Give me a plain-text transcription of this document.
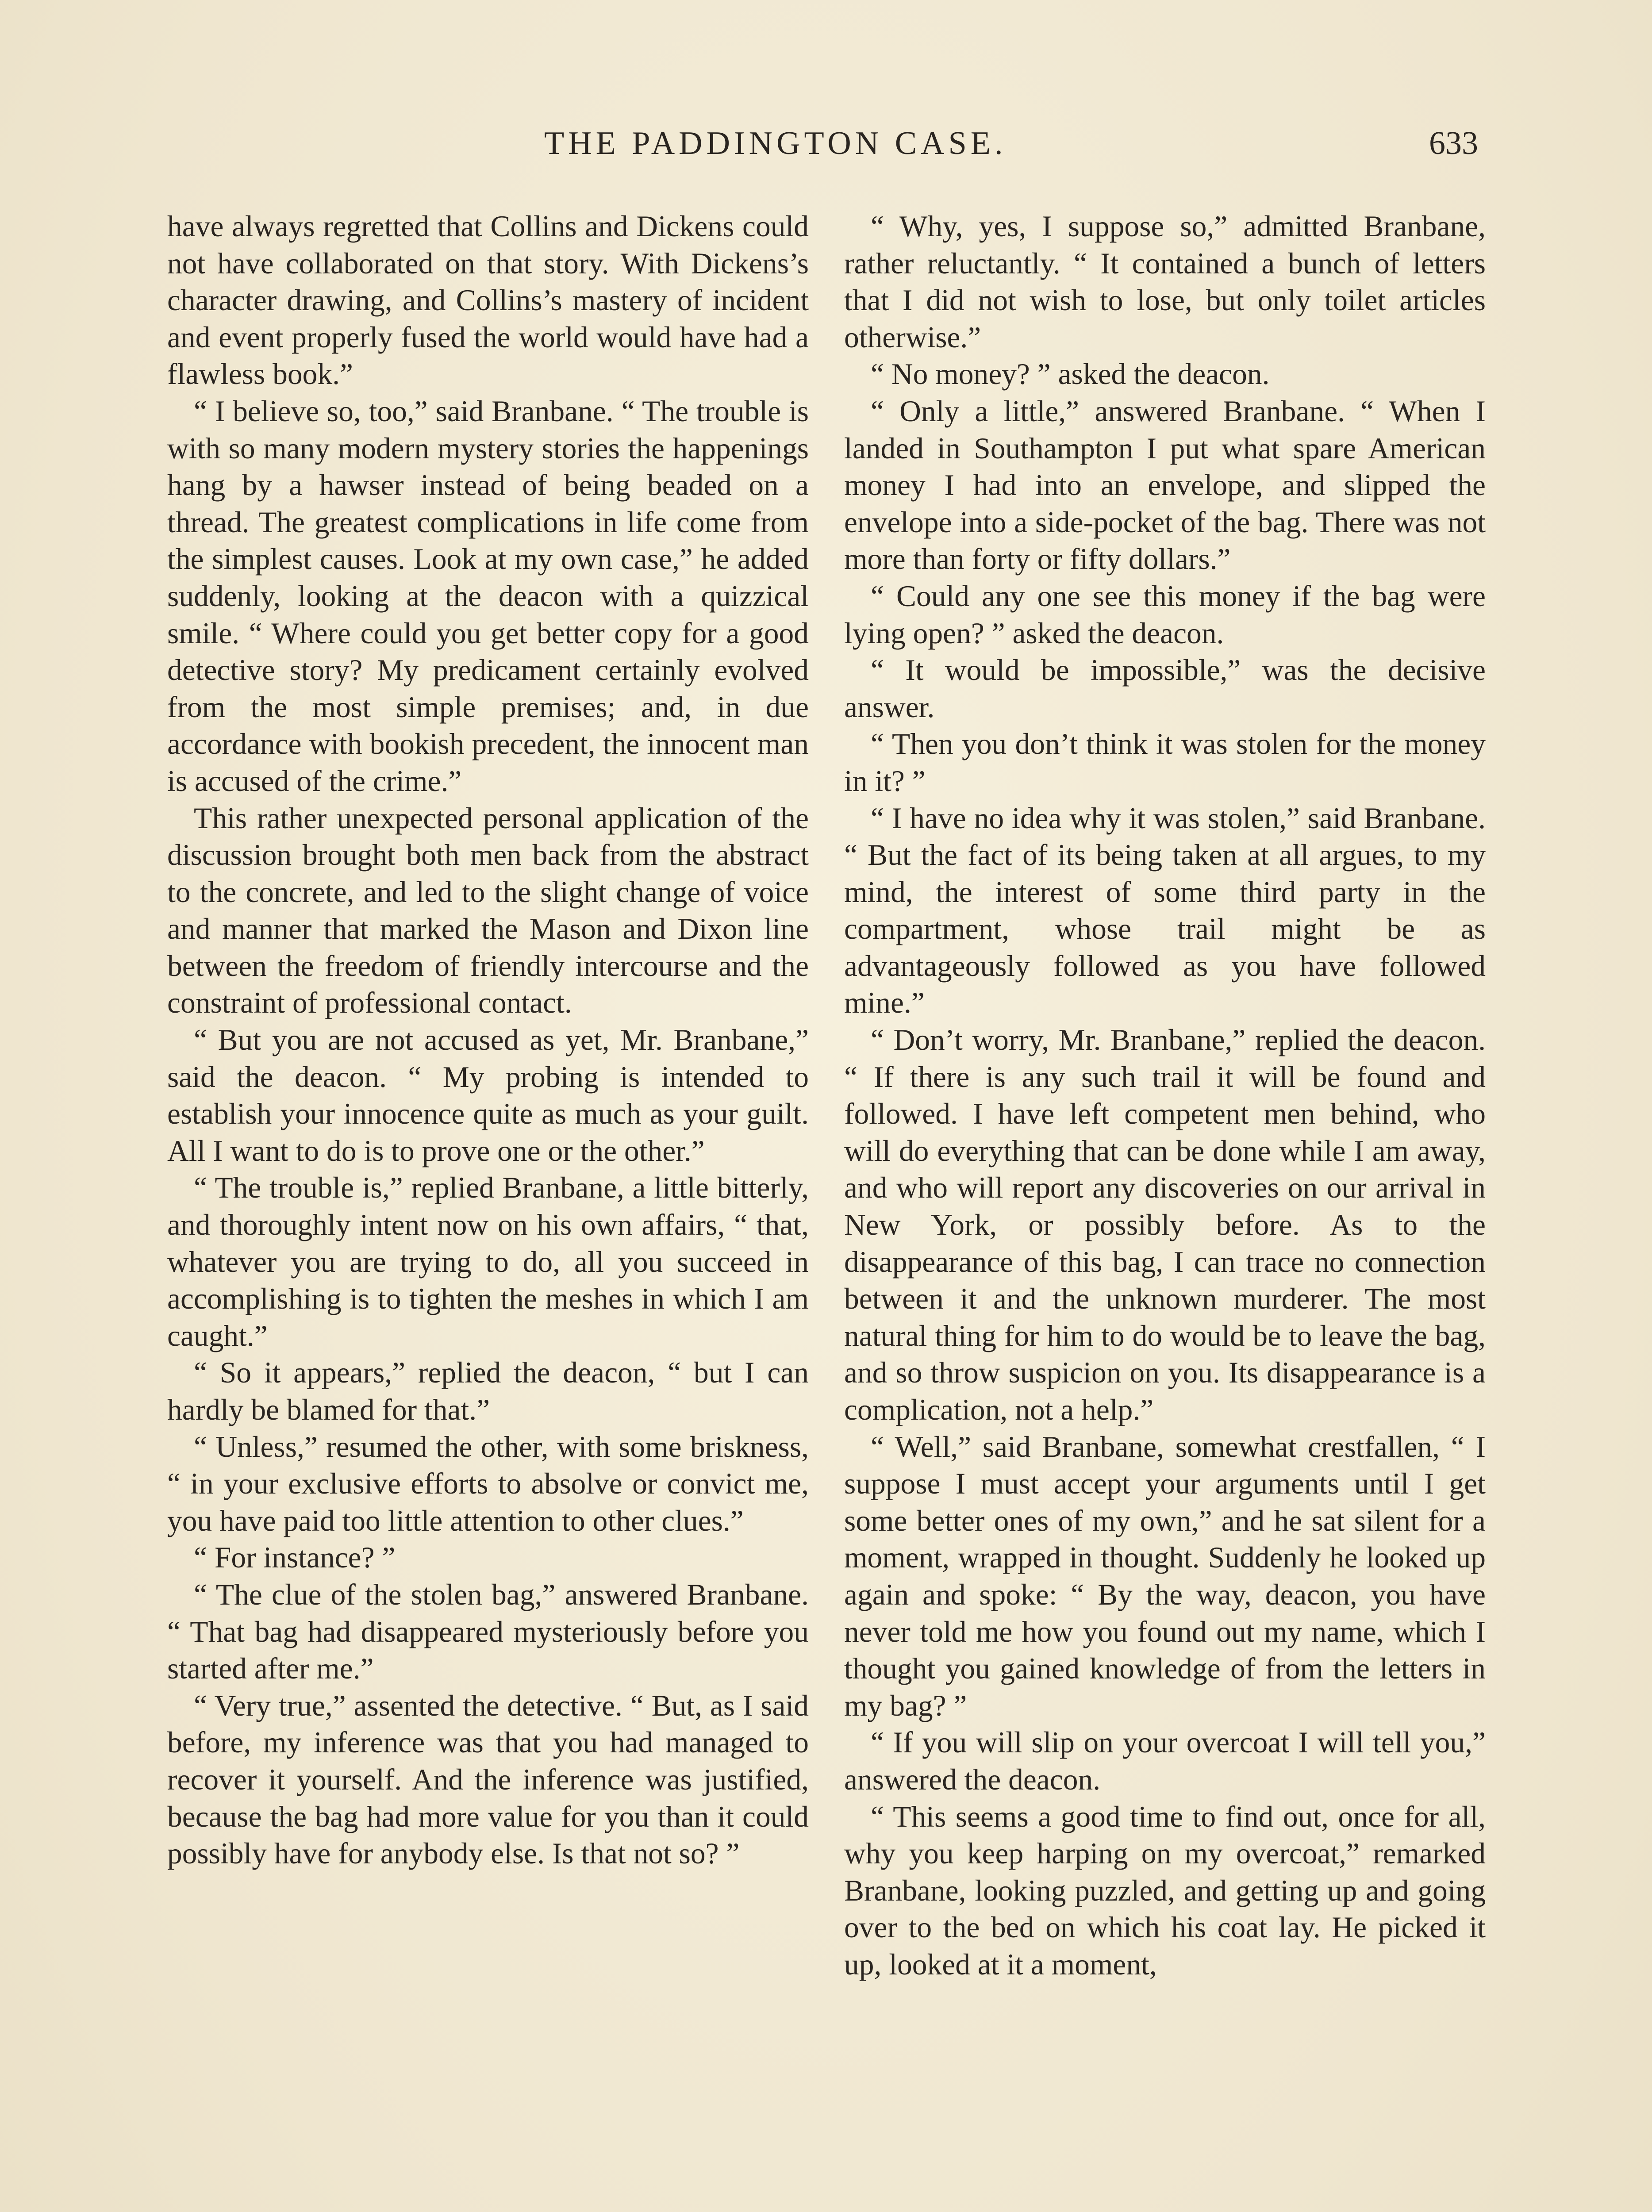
THE PADDINGTON CASE.	633

have always regretted that Collins and Dickens could not have collaborated on that story. With Dickens’s character drawing, and Collins’s mastery of incident and event properly fused the world would have had a flawless book.”

“ I believe so, too,” said Branbane. “ The trouble is with so many modern mystery stories the happenings hang by a hawser instead of being beaded on a thread. The greatest complications in life come from the simplest causes. Look at my own case,” he added suddenly, looking at the deacon with a quizzical smile. “ Where could you get better copy for a good detective story? My predicament certainly evolved from the most simple premises; and, in due accordance with bookish precedent, the innocent man is accused of the crime.”

This rather unexpected personal application of the discussion brought both men back from the abstract to the concrete, and led to the slight change of voice and manner that marked the Mason and Dixon line between the freedom of friendly intercourse and the constraint of professional contact.

“ But you are not accused as yet, Mr. Branbane,” said the deacon. “ My probing is intended to establish your innocence quite as much as your guilt. All I want to do is to prove one or the other.”

“ The trouble is,” replied Branbane, a little bitterly, and thoroughly intent now on his own affairs, “ that, whatever you are trying to do, all you succeed in accomplishing is to tighten the meshes in which I am caught.”

“ So it appears,” replied the deacon, “ but I can hardly be blamed for that.”

“ Unless,” resumed the other, with some briskness, “ in your exclusive efforts to absolve or convict me, you have paid too little attention to other clues.”

“ For instance? ”

“ The clue of the stolen bag,” answered Branbane. “ That bag had disappeared mysteriously before you started after me.”

“ Very true,” assented the detective. “ But, as I said before, my inference was that you had managed to recover it yourself. And the inference was justified, because the bag had more value for you than it could possibly have for anybody else. Is that not so? ”

“ Why, yes, I suppose so,” admitted Branbane, rather reluctantly. “ It contained a bunch of letters that I did not wish to lose, but only toilet articles otherwise.”

“ No money? ” asked the deacon.

“ Only a little,” answered Branbane. “ When I landed in Southampton I put what spare American money I had into an envelope, and slipped the envelope into a side-pocket of the bag. There was not more than forty or fifty dollars.”

“ Could any one see this money if the bag were lying open? ” asked the deacon.

“ It would be impossible,” was the decisive answer.

“ Then you don’t think it was stolen for the money in it? ”

“ I have no idea why it was stolen,” said Branbane. “ But the fact of its being taken at all argues, to my mind, the interest of some third party in the compartment, whose trail might be as advantageously followed as you have followed mine.”

“ Don’t worry, Mr. Branbane,” replied the deacon. “ If there is any such trail it will be found and followed. I have left competent men behind, who will do everything that can be done while I am away, and who will report any discoveries on our arrival in New York, or possibly before. As to the disappearance of this bag, I can trace no connection between it and the unknown murderer. The most natural thing for him to do would be to leave the bag, and so throw suspicion on you. Its disappearance is a complication, not a help.”

“ Well,” said Branbane, somewhat crestfallen, “ I suppose I must accept your arguments until I get some better ones of my own,” and he sat silent for a moment, wrapped in thought. Suddenly he looked up again and spoke: “ By the way, deacon, you have never told me how you found out my name, which I thought you gained knowledge of from the letters in my bag? ”

“ If you will slip on your overcoat I will tell you,” answered the deacon.

“ This seems a good time to find out, once for all, why you keep harping on my overcoat,” remarked Branbane, looking puzzled, and getting up and going over to the bed on which his coat lay. He picked it up, looked at it a moment,
